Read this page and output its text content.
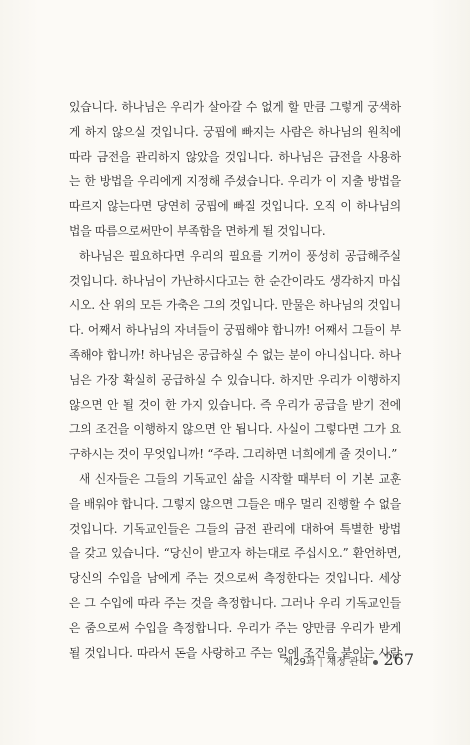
있습니다. 하나님은 우리가 살아갈 수 없게 할 만큼 그렇게 궁색하
게 하지 않으실 것입니다. 궁핍에 빠지는 사람은 하나님의 원칙에
따라 금전을 관리하지 않았을 것입니다. 하나님은 금전을 사용하
는 한 방법을 우리에게 지정해 주셨습니다. 우리가 이 지출 방법을
따르지 않는다면 당연히 궁핍에 빠질 것입니다. 오직 이 하나님의
법을 따름으로써만이 부족함을 면하게 될 것입니다.
하나님은 필요하다면 우리의 필요를 기꺼이 풍성히 공급해주실
것입니다. 하나님이 가난하시다고는 한 순간이라도 생각하지 마십
시오. 산 위의 모든 가축은 그의 것입니다. 만물은 하나님의 것입니
다. 어째서 하나님의 자녀들이 궁핍해야 합니까! 어째서 그들이 부
족해야 합니까! 하나님은 공급하실 수 없는 분이 아니십니다. 하나
님은 가장 확실히 공급하실 수 있습니다. 하지만 우리가 이행하지
않으면 안 될 것이 한 가지 있습니다. 즉 우리가 공급을 받기 전에
그의 조건을 이행하지 않으면 안 됩니다. 사실이 그렇다면 그가 요
구하시는 것이 무엇입니까! “주라. 그리하면 너희에게 줄 것이니.”
새 신자들은 그들의 기독교인 삶을 시작할 때부터 이 기본 교훈
을 배워야 합니다. 그렇지 않으면 그들은 매우 멀리 진행할 수 없을
것입니다. 기독교인들은 그들의 금전 관리에 대하여 특별한 방법
을 갖고 있습니다. “당신이 받고자 하는대로 주십시오.” 환언하면,
당신의 수입을 남에게 주는 것으로써 측정한다는 것입니다. 세상
은 그 수입에 따라 주는 것을 측정합니다. 그러나 우리 기독교인들
은 줌으로써 수입을 측정합니다. 우리가 주는 양만큼 우리가 받게
될 것입니다. 따라서 돈을 사랑하고 주는 일에 조건을 붙이는 사람
제29과 | 재정 관리 267
